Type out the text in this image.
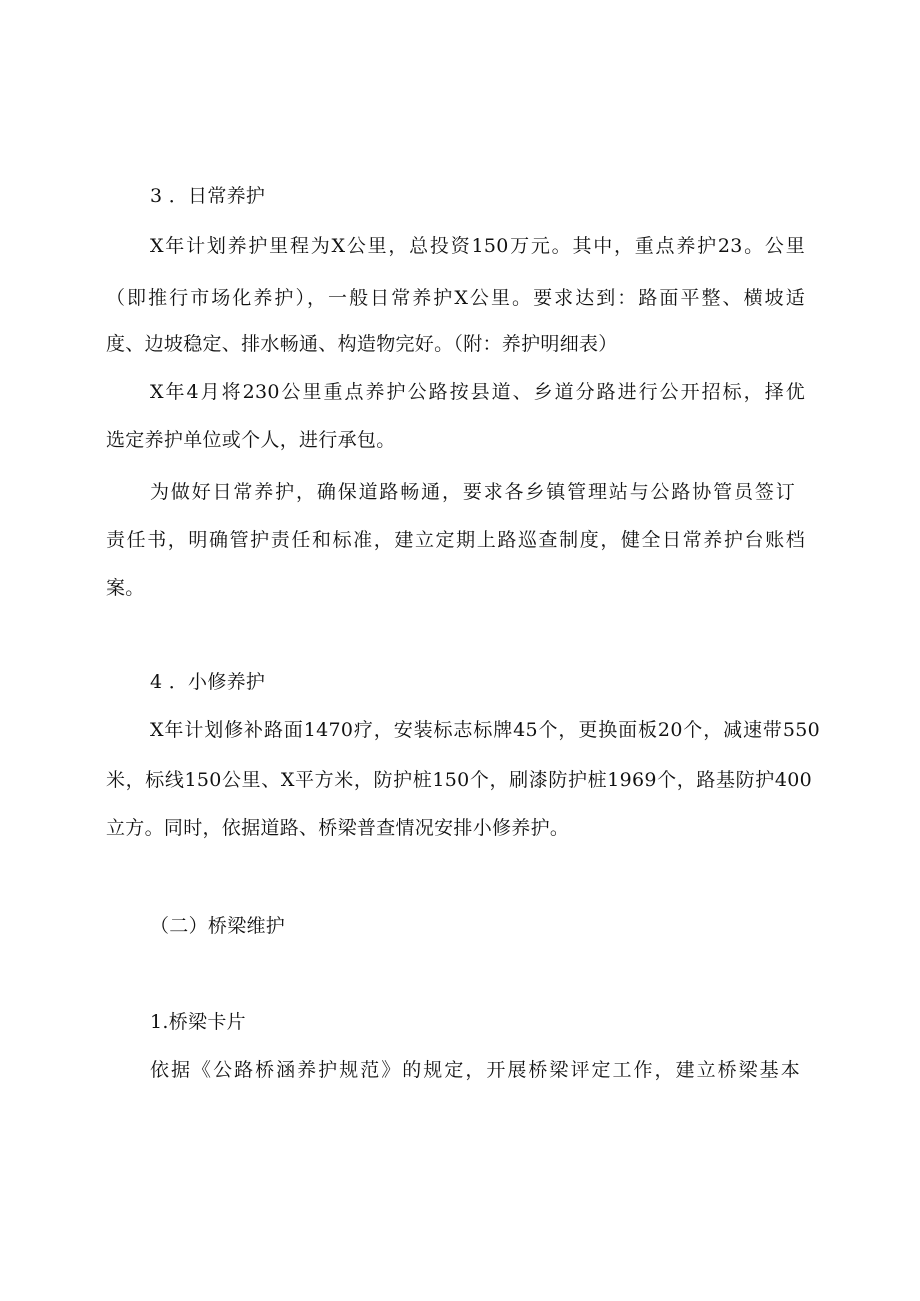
3 ．日常养护
X年计划养护里程为X公里，总投资150万元。其中，重点养护23。公里
（即推行市场化养护），一般日常养护X公里。要求达到：路面平整、横坡适
度、边坡稳定、排水畅通、构造物完好。（附：养护明细表）
X年4月将230公里重点养护公路按县道、乡道分路进行公开招标，择优
选定养护单位或个人，进行承包。
为做好日常养护，确保道路畅通，要求各乡镇管理站与公路协管员签订
责任书，明确管护责任和标准，建立定期上路巡查制度，健全日常养护台账档
案。
4 ．小修养护
X年计划修补路面1470疗，安装标志标牌45个，更换面板20个，减速带550
米，标线150公里、X平方米，防护桩150个，刷漆防护桩1969个，路基防护400
立方。同时，依据道路、桥梁普查情况安排小修养护。
（二）桥梁维护
1.桥梁卡片
依据《公路桥涵养护规范》的规定，开展桥梁评定工作，建立桥梁基本
